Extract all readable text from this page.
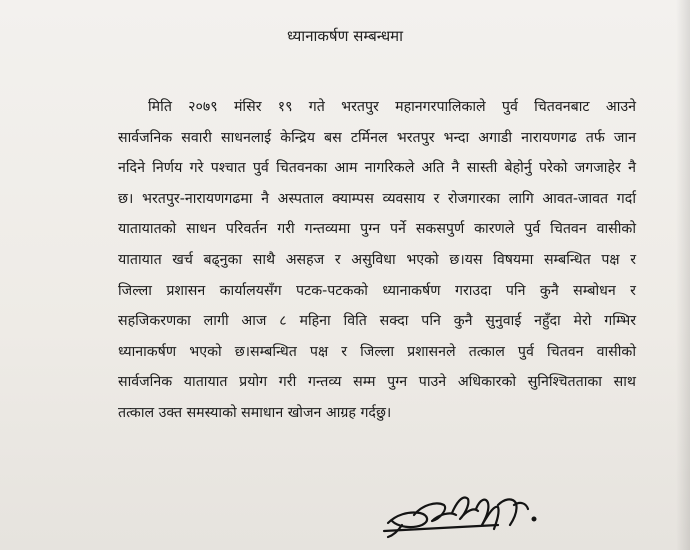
ध्यानाकर्षण सम्बन्धमा
मिति २०७९ मंसिर १९ गते भरतपुर महानगरपालिकाले पुर्व चितवनबाट आउने
सार्वजनिक सवारी साधनलाई केन्द्रिय बस टर्मिनल भरतपुर भन्दा अगाडी नारायणगढ तर्फ जान
नदिने निर्णय गरे पश्चात पुर्व चितवनका आम नागरिकले अति नै सास्ती बेहोर्नु परेको जगजाहेर नै
छ। भरतपुर-नारायणगढमा नै अस्पताल क्याम्पस व्यवसाय र रोजगारका लागि आवत-जावत गर्दा
यातायातको साधन परिवर्तन गरी गन्तव्यमा पुग्न पर्ने सकसपुर्ण कारणले पुर्व चितवन वासीको
यातायात खर्च बढ्नुका साथै असहज र असुविधा भएको छ।यस विषयमा सम्बन्धित पक्ष र
जिल्ला प्रशासन कार्यालयसँग पटक-पटकको ध्यानाकर्षण गराउदा पनि कुनै सम्बोधन र
सहजिकरणका लागी आज ८ महिना विति सक्दा पनि कुनै सुनुवाई नहुँदा मेरो गम्भिर
ध्यानाकर्षण भएको छ।सम्बन्धित पक्ष र जिल्ला प्रशासनले तत्काल पुर्व चितवन वासीको
सार्वजनिक यातायात प्रयोग गरी गन्तव्य सम्म पुग्न पाउने अधिकारको सुनिश्चितताका साथ
तत्काल उक्त समस्याको समाधान खोजन आग्रह गर्दछु।
